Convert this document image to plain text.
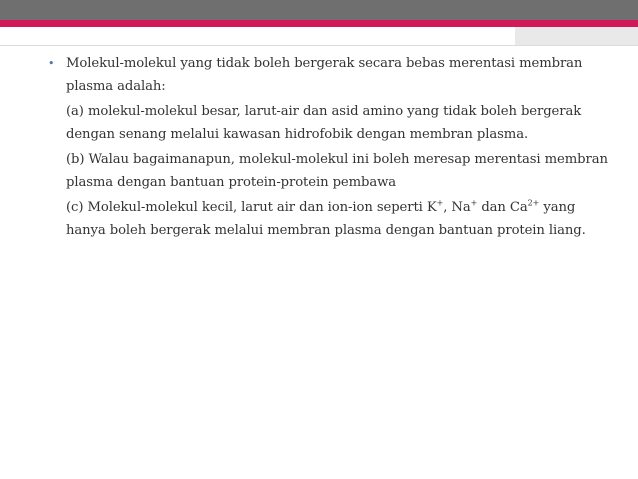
• Molekul-molekul yang tidak boleh bergerak secara bebas merentasi membran plasma adalah:

(a) molekul-molekul besar, larut-air dan asid amino yang tidak boleh bergerak dengan senang melalui kawasan hidrofobik dengan membran plasma.

(b) Walau bagaimanapun, molekul-molekul ini boleh meresap merentasi membran plasma dengan bantuan protein-protein pembawa

(c) Molekul-molekul kecil, larut air dan ion-ion seperti K+, Na+ dan $Ca^{2+}$ yang hanya boleh bergerak melalui membran plasma dengan bantuan protein liang.
